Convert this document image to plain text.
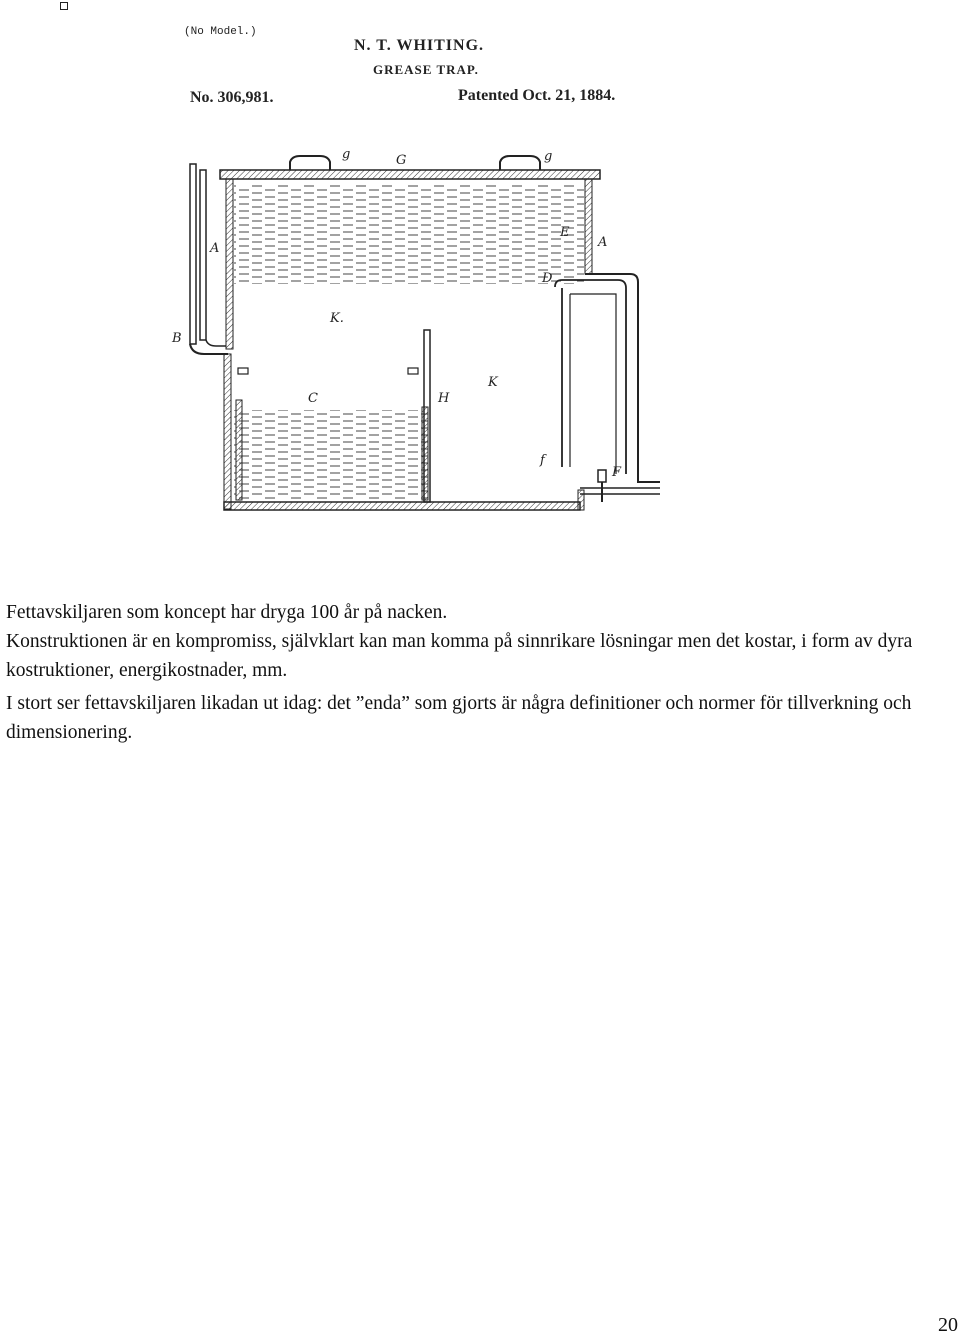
(No Model.)
N. T. WHITING.
GREASE TRAP.
No. 306,981.	Patented Oct. 21, 1884.
g	G	g
A	A
E
D
B
K.
K
C	H
f
F

Fettavskiljaren som koncept har dryga 100 år på nacken.

Konstruktionen är en kompromiss, självklart kan man komma på sinnrikare lösningar men det kostar, i form av dyra kostruktioner, energikostnader, mm.

I stort ser fettavskiljaren likadan ut idag: det ”enda” som gjorts är några definitioner och normer för tillverkning och dimensionering.

20
